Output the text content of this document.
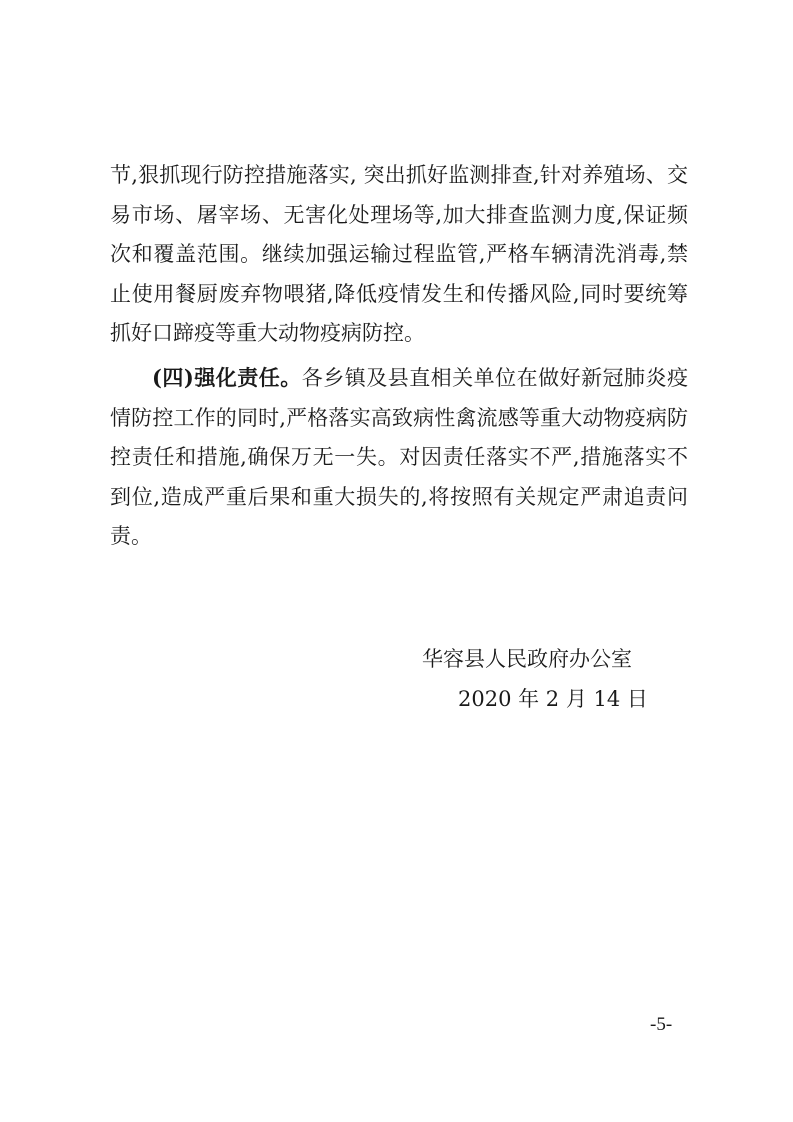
节,狠抓现行防控措施落实, 突出抓好监测排查,针对养殖场、交易市场、屠宰场、无害化处理场等,加大排查监测力度,保证频次和覆盖范围。继续加强运输过程监管,严格车辆清洗消毒,禁止使用餐厨废弃物喂猪,降低疫情发生和传播风险,同时要统筹抓好口蹄疫等重大动物疫病防控。

(四)强化责任。各乡镇及县直相关单位在做好新冠肺炎疫情防控工作的同时,严格落实高致病性禽流感等重大动物疫病防控责任和措施,确保万无一失。对因责任落实不严,措施落实不到位,造成严重后果和重大损失的,将按照有关规定严肃追责问责。

华容县人民政府办公室
2020 年 2 月 14 日
-5-
